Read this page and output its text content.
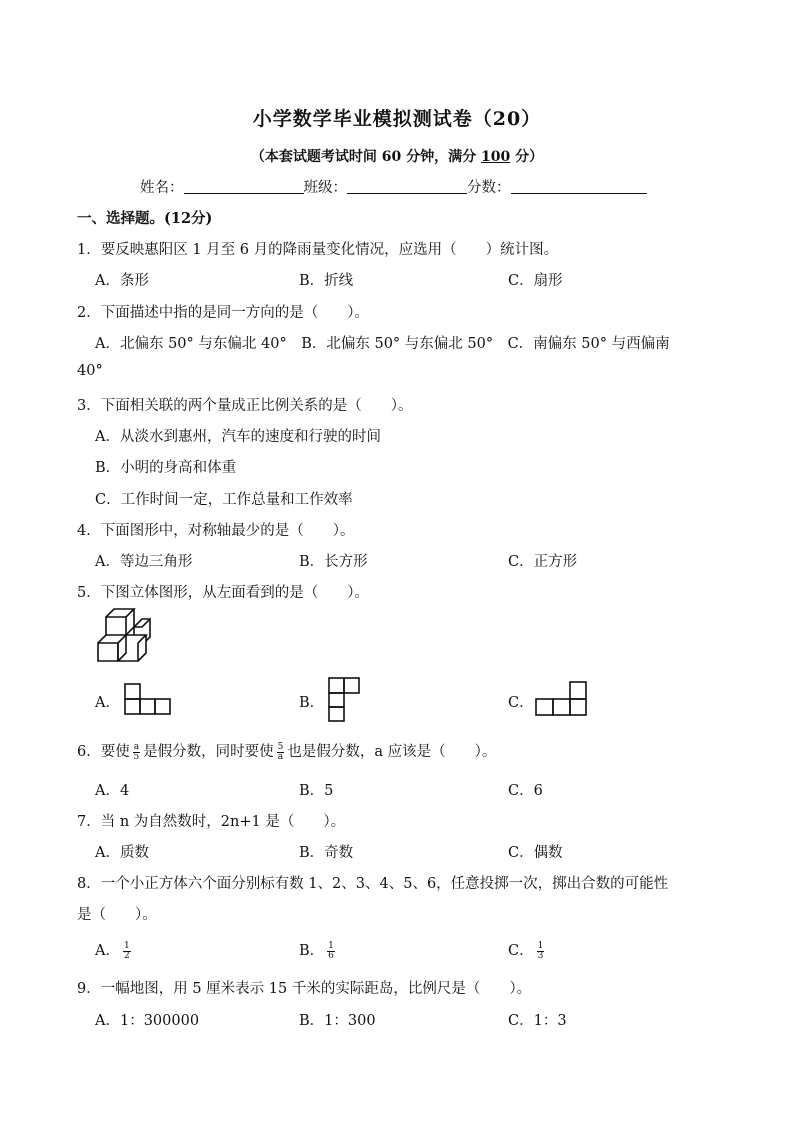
小学数学毕业模拟测试卷（20）
（本套试题考试时间 60 分钟，满分 100 分）
姓名：	班级：	分数：
一、选择题。(12分)
1．要反映惠阳区 1 月至 6 月的降雨量变化情况，应选用（　　）统计图。
A．条形	B．折线	C．扇形
2．下面描述中指的是同一方向的是（　　）。
A．北偏东 50° 与东偏北 40°　B．北偏东 50° 与东偏北 50°　C．南偏东 50° 与西偏南
40°
3．下面相关联的两个量成正比例关系的是（　　）。
A．从淡水到惠州，汽车的速度和行驶的时间
B．小明的身高和体重
C．工作时间一定，工作总量和工作效率
4．下面图形中，对称轴最少的是（　　）。
A．等边三角形	B．长方形	C．正方形
5．下图立体图形，从左面看到的是（　　）。
A．	B．	C．
6．要使 $\frac{a}{5}$ 是假分数，同时要使 $\frac{5}{a}$ 也是假分数，a 应该是（　　）。
A．4	B．5	C．6
7．当 n 为自然数时，2n+1 是（　　）。
A．质数	B．奇数	C．偶数
8．一个小正方体六个面分别标有数 1、2、3、4、5、6，任意投掷一次，掷出合数的可能性
是（　　）。
A． $\frac{1}{2}$	B． $\frac{1}{6}$	C． $\frac{1}{3}$
9．一幅地图，用 5 厘米表示 15 千米的实际距岛，比例尺是（　　）。
A．1：300000	B．1：300	C．1：3
